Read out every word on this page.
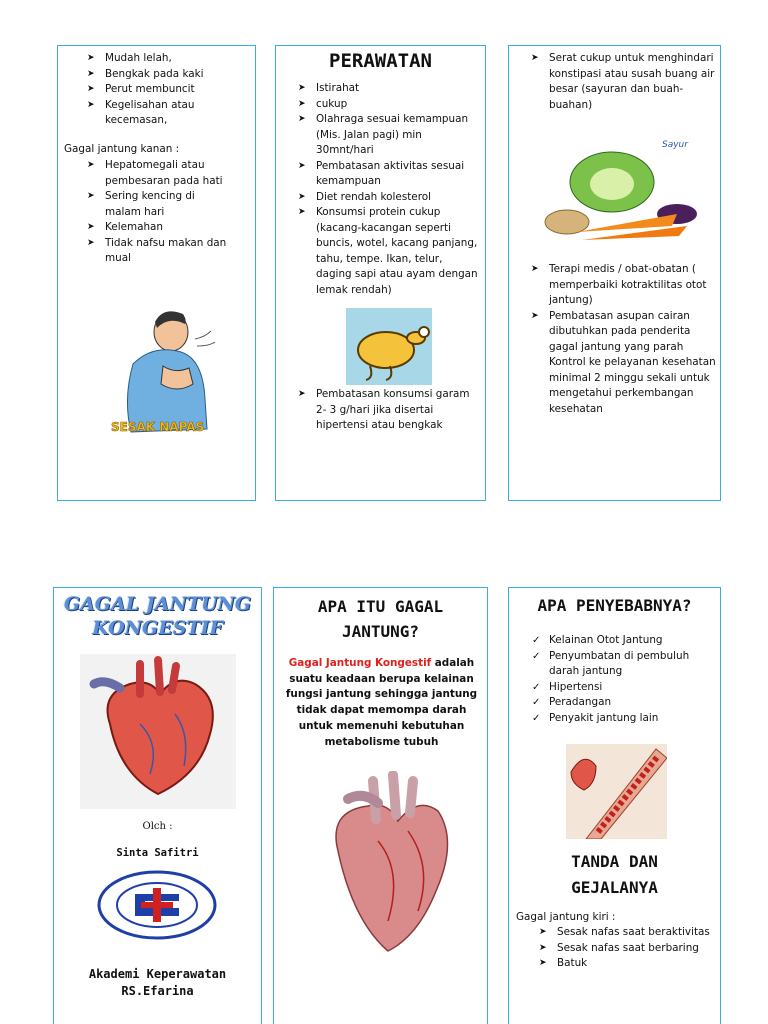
➤ Mudah lelah,
➤ Bengkak pada kaki
➤ Perut membuncit
➤ Kegelisahan atau kecemasan,
Gagal jantung kanan :
➤ Hepatomegali atau pembesaran pada hati
➤ Sering kencing di malam hari
➤ Kelemahan
➤ Tidak nafsu makan dan mual
SESAK NAPAS
PERAWATAN
➤ Istirahat
➤ cukup
➤ Olahraga sesuai kemampuan (Mis. Jalan pagi) min 30mnt/hari
➤ Pembatasan aktivitas sesuai kemampuan
➤ Diet rendah kolesterol
➤ Konsumsi protein cukup (kacang-kacangan seperti buncis, wotel, kacang panjang, tahu, tempe. Ikan, telur, daging sapi atau ayam dengan lemak rendah)
➤ Pembatasan konsumsi garam 2- 3 g/hari jika disertai hipertensi atau bengkak
➤ Serat cukup untuk menghindari konstipasi atau susah buang air besar (sayuran dan buah-buahan)
Sayur
➤ Terapi medis / obat-obatan ( memperbaiki kotraktilitas otot jantung)
➤ Pembatasan asupan cairan dibutuhkan pada penderita gagal jantung yang parah Kontrol ke pelayanan kesehatan minimal 2 minggu sekali untuk mengetahui perkembangan kesehatan
GAGAL JANTUNG
KONGESTIF
Olch :
Sinta Safitri
Akademi Keperawatan
RS.Efarina
APA ITU GAGAL
JANTUNG?

Gagal Jantung Kongestif adalah suatu keadaan berupa kelainan fungsi jantung sehingga jantung tidak dapat memompa darah untuk memenuhi kebutuhan metabolisme tubuh

APA PENYEBABNYA?
✓ Kelainan Otot Jantung
✓ Penyumbatan di pembuluh darah jantung
✓ Hipertensi
✓ Peradangan
✓ Penyakit jantung lain
TANDA DAN
GEJALANYA
Gagal jantung kiri :
➤ Sesak nafas saat beraktivitas
➤ Sesak nafas saat berbaring
➤ Batuk
